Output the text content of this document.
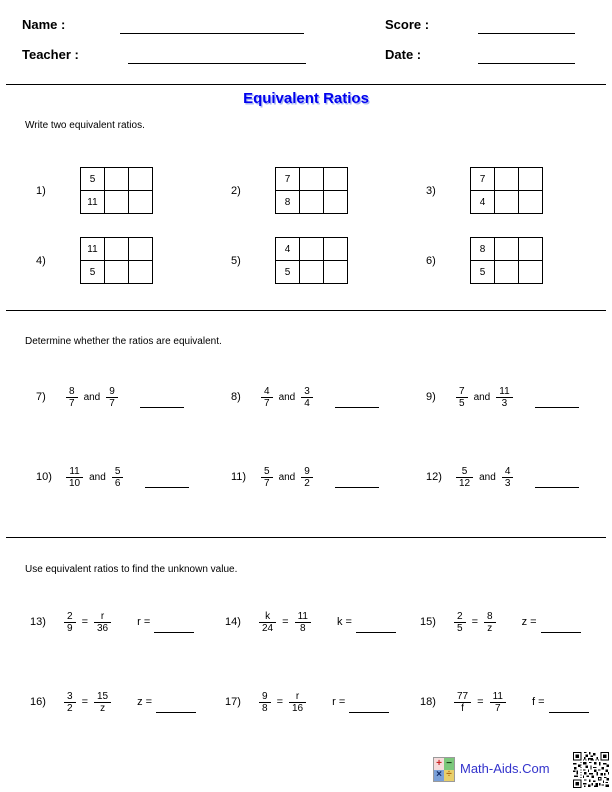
Name :	Score :
Teacher :	Date :
Equivalent Ratios
Write two equivalent ratios.
1)
5		
11		
2)
7		
8		
3)
7		
4		
4)
11		
5		
5)
4		
5		
6)
8		
5		
Determine whether the ratios are equivalent.
7)	$\frac{8}{7}$ and $\frac{9}{7}$	8)	$\frac{4}{7}$ and $\frac{3}{4}$	9)	$\frac{7}{5}$ and $\frac{11}{3}$
10)	$\frac{11}{10}$ and $\frac{5}{6}$	11)	$\frac{5}{7}$ and $\frac{9}{2}$	12)	$\frac{5}{12}$ and $\frac{4}{3}$
Use equivalent ratios to find the unknown value.
13)	$\frac{2}{9} = \frac{r}{36}$ r =	14)	$\frac{k}{24} = \frac{11}{8}$ k =	15)	$\frac{2}{5} = \frac{8}{z}$ z =
16)	$\frac{3}{2} = \frac{15}{z}$ z =	17)	$\frac{9}{8} = \frac{r}{16}$ r =	18)	$\frac{77}{f} = \frac{11}{7}$ f =
+ −
× ÷ Math-Aids.Com
